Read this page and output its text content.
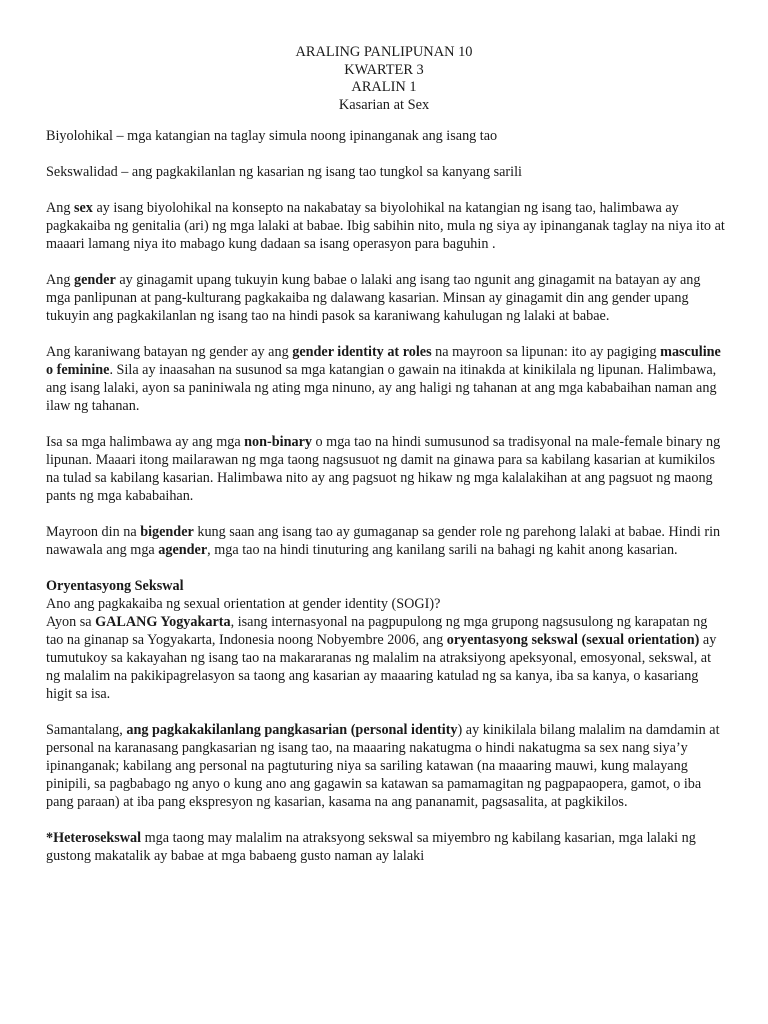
ARALING PANLIPUNAN 10
KWARTER 3
ARALIN 1
Kasarian at Sex

Biyolohikal – mga katangian na taglay simula noong ipinanganak ang isang tao

Sekswalidad – ang pagkakilanlan ng kasarian ng isang tao tungkol sa kanyang sarili

Ang sex ay isang biyolohikal na konsepto na nakabatay sa biyolohikal na katangian ng isang tao, halimbawa ay pagkakaiba ng genitalia (ari) ng mga lalaki at babae. Ibig sabihin nito, mula ng siya ay ipinanganak taglay na niya ito at maaari lamang niya ito mabago kung dadaan sa isang operasyon para baguhin .

Ang gender ay ginagamit upang tukuyin kung babae o lalaki ang isang tao ngunit ang ginagamit na batayan ay ang mga panlipunan at pang-kulturang pagkakaiba ng dalawang kasarian. Minsan ay ginagamit din ang gender upang tukuyin ang pagkakilanlan ng isang tao na hindi pasok sa karaniwang kahulugan ng lalaki at babae.

Ang karaniwang batayan ng gender ay ang gender identity at roles na mayroon sa lipunan: ito ay pagiging masculine o feminine. Sila ay inaasahan na susunod sa mga katangian o gawain na itinakda at kinikilala ng lipunan. Halimbawa, ang isang lalaki, ayon sa paniniwala ng ating mga ninuno, ay ang haligi ng tahanan at ang mga kababaihan naman ang ilaw ng tahanan.

Isa sa mga halimbawa ay ang mga non-binary o mga tao na hindi sumusunod sa tradisyonal na male-female binary ng lipunan. Maaari itong mailarawan ng mga taong nagsusuot ng damit na ginawa para sa kabilang kasarian at kumikilos na tulad sa kabilang kasarian. Halimbawa nito ay ang pagsuot ng hikaw ng mga kalalakihan at ang pagsuot ng maong pants ng mga kababaihan.

Mayroon din na bigender kung saan ang isang tao ay gumaganap sa gender role ng parehong lalaki at babae. Hindi rin nawawala ang mga agender, mga tao na hindi tinuturing ang kanilang sarili na bahagi ng kahit anong kasarian.

Oryentasyong Sekswal

Ano ang pagkakaiba ng sexual orientation at gender identity (SOGI)?

Ayon sa GALANG Yogyakarta, isang internasyonal na pagpupulong ng mga grupong nagsusulong ng karapatan ng tao na ginanap sa Yogyakarta, Indonesia noong Nobyembre 2006, ang oryentasyong sekswal (sexual orientation) ay tumutukoy sa kakayahan ng isang tao na makararanas ng malalim na atraksiyong apeksyonal, emosyonal, sekswal, at ng malalim na pakikipagrelasyon sa taong ang kasarian ay maaaring katulad ng sa kanya, iba sa kanya, o kasariang higit sa isa.

Samantalang, ang pagkakakilanlang pangkasarian (personal identity) ay kinikilala bilang malalim na damdamin at personal na karanasang pangkasarian ng isang tao, na maaaring nakatugma o hindi nakatugma sa sex nang siya’y ipinanganak; kabilang ang personal na pagtuturing niya sa sariling katawan (na maaaring mauwi, kung malayang pinipili, sa pagbabago ng anyo o kung ano ang gagawin sa katawan sa pamamagitan ng pagpapaopera, gamot, o iba pang paraan) at iba pang ekspresyon ng kasarian, kasama na ang pananamit, pagsasalita, at pagkikilos.

*Heterosekswal mga taong may malalim na atraksyong sekswal sa miyembro ng kabilang kasarian, mga lalaki ng gustong makatalik ay babae at mga babaeng gusto naman ay lalaki
